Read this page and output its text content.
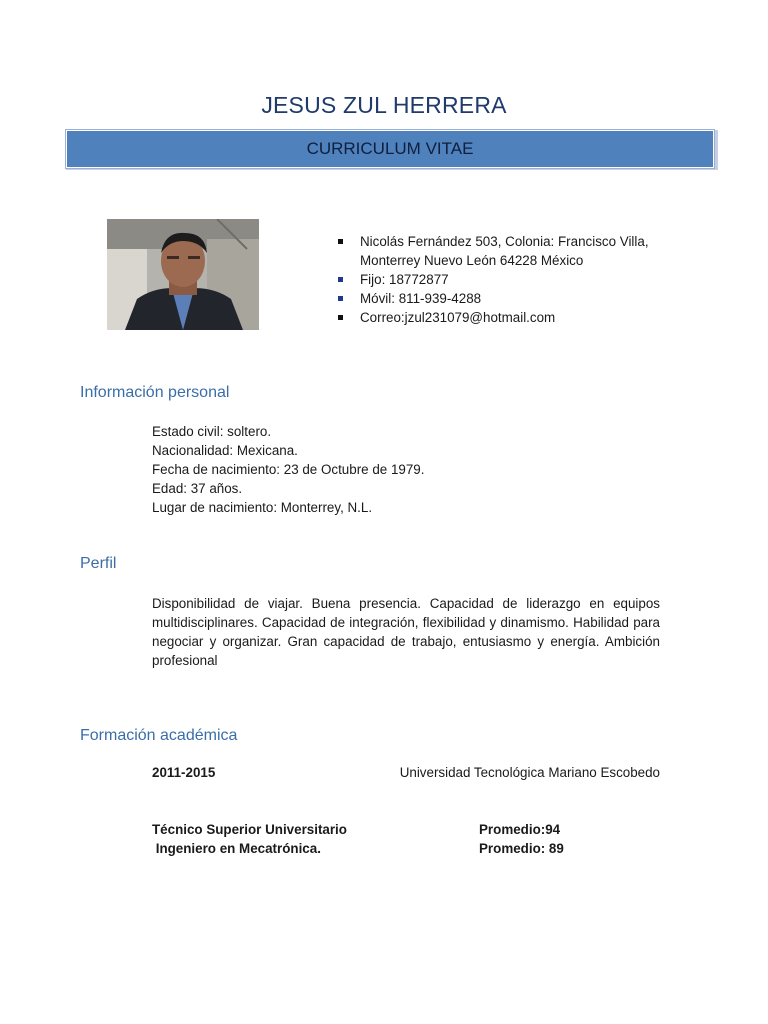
JESUS ZUL HERRERA
CURRICULUM VITAE
Nicolás Fernández 503, Colonia: Francisco Villa,
Monterrey Nuevo León 64228 México
Fijo: 18772877
Móvil: 811-939-4288
Correo:jzul231079@hotmail.com
Información personal
Estado civil: soltero.
Nacionalidad: Mexicana.
Fecha de nacimiento: 23 de Octubre de 1979.
Edad: 37 años.
Lugar de nacimiento: Monterrey, N.L.
Perfil
Disponibilidad de viajar. Buena presencia. Capacidad de liderazgo en equipos multidisciplinares. Capacidad de integración, flexibilidad y dinamismo. Habilidad para negociar y organizar. Gran capacidad de trabajo, entusiasmo y energía. Ambición profesional
Formación académica
2011-2015	Universidad Tecnológica Mariano Escobedo
Técnico Superior Universitario	Promedio:94
Ingeniero en Mecatrónica.	Promedio: 89
